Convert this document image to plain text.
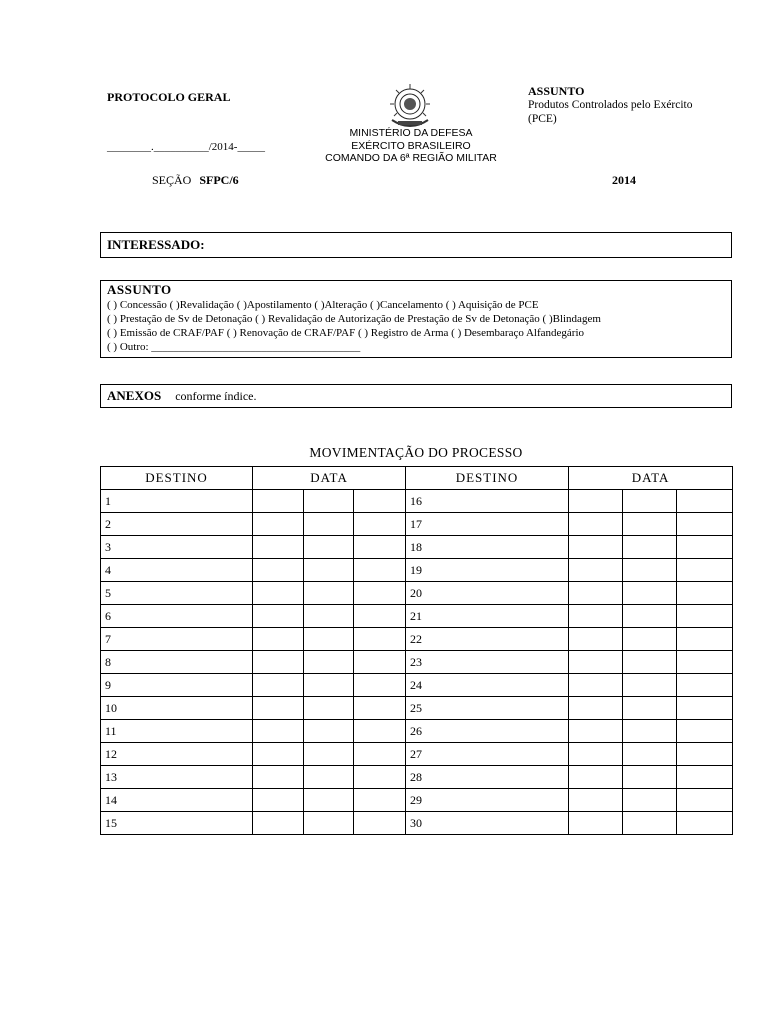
PROTOCOLO GERAL
________.__________/2014-_____
SEÇÃO SFPC/6	2014
ASSUNTO
Produtos Controlados pelo Exército
(PCE)
MINISTÉRIO DA DEFESA
EXÉRCITO BRASILEIRO
COMANDO DA 6ª REGIÃO MILITAR
INTERESSADO:
ASSUNTO
( ) Concessão ( )Revalidação ( )Apostilamento ( )Alteração ( )Cancelamento ( ) Aquisição de PCE
( ) Prestação de Sv de Detonação ( ) Revalidação de Autorização de Prestação de Sv de Detonação ( )Blindagem
( ) Emissão de CRAF/PAF ( ) Renovação de CRAF/PAF ( ) Registro de Arma ( ) Desembaraço Alfandegário
( ) Outro: ______________________________________
ANEXOS conforme índice.
MOVIMENTAÇÃO DO PROCESSO
DESTINO	DATA			DESTINO	DATA		
1				16			
2				17			
3				18			
4				19			
5				20			
6				21			
7				22			
8				23			
9				24			
10				25			
11				26			
12				27			
13				28			
14				29			
15				30			
